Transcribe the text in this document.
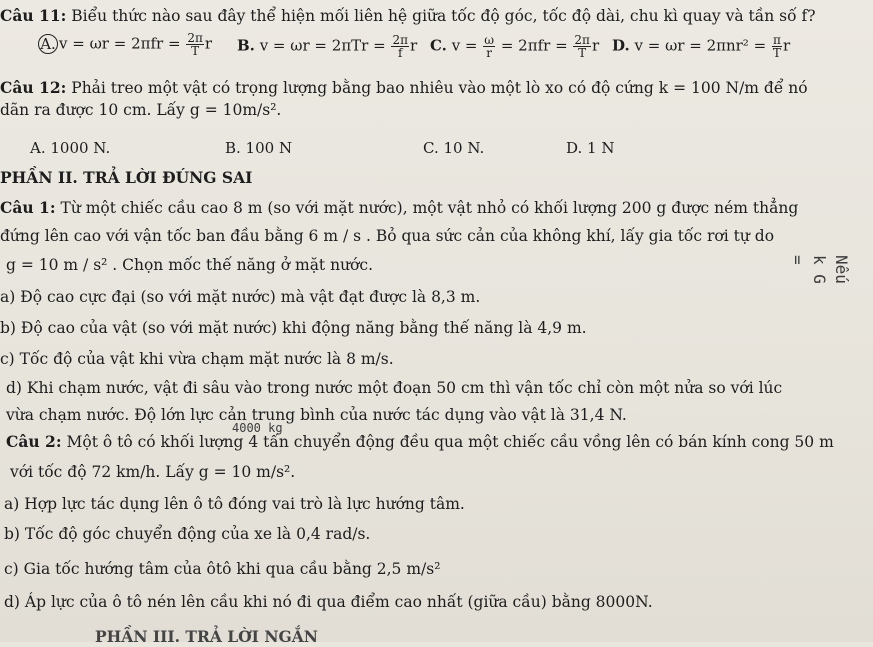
Câu 11: Biểu thức nào sau đây thể hiện mối liên hệ giữa tốc độ góc, tốc độ dài, chu kì quay và tần số f?
A. $v = \omega r = 2\pi fr = \frac{2\pi}{T}$ r B. $v = \omega r = 2\pi Tr = \frac{2\pi}{f}$ r C. $v = \frac{\omega}{r} = 2\pi fr = \frac{2\pi}{T}$ r D. $v = \omega r = 2\pi nr^2 = \frac{\pi}{T}$ r
Câu 12: Phải treo một vật có trọng lượng bằng bao nhiêu vào một lò xo có độ cứng k = 100 N/m để nó
dãn ra được 10 cm. Lấy g = 10m/s².
A. 1000 N.	B. 100 N	C. 10 N.	D. 1 N
PHẦN II. TRẢ LỜI ĐÚNG SAI
Câu 1: Từ một chiếc cầu cao 8 m (so với mặt nước), một vật nhỏ có khối lượng 200 g được ném thẳng
đứng lên cao với vận tốc ban đầu bằng 6 m / s . Bỏ qua sức cản của không khí, lấy gia tốc rơi tự do
g = 10 m / s² . Chọn mốc thế năng ở mặt nước.
a) Độ cao cực đại (so với mặt nước) mà vật đạt được là 8,3 m.
b) Độ cao của vật (so với mặt nước) khi động năng bằng thế năng là 4,9 m.
c) Tốc độ của vật khi vừa chạm mặt nước là 8 m/s.
d) Khi chạm nước, vật đi sâu vào trong nước một đoạn 50 cm thì vận tốc chỉ còn một nửa so với lúc
vừa chạm nước. Độ lớn lực cản trung bình của nước tác dụng vào vật là 31,4 N.
4000 kg
Câu 2: Một ô tô có khối lượng 4 tấn chuyển động đều qua một chiếc cầu vồng lên có bán kính cong 50 m
với tốc độ 72 km/h. Lấy g = 10 m/s².
a) Hợp lực tác dụng lên ô tô đóng vai trò là lực hướng tâm.
b) Tốc độ góc chuyển động của xe là 0,4 rad/s.
c) Gia tốc hướng tâm của ôtô khi qua cầu bằng 2,5 m/s²
d) Áp lực của ô tô nén lên cầu khi nó đi qua điểm cao nhất (giữa cầu) bằng 8000N.
PHẦN III. TRẢ LỜI NGẮN
Nếu k G =
